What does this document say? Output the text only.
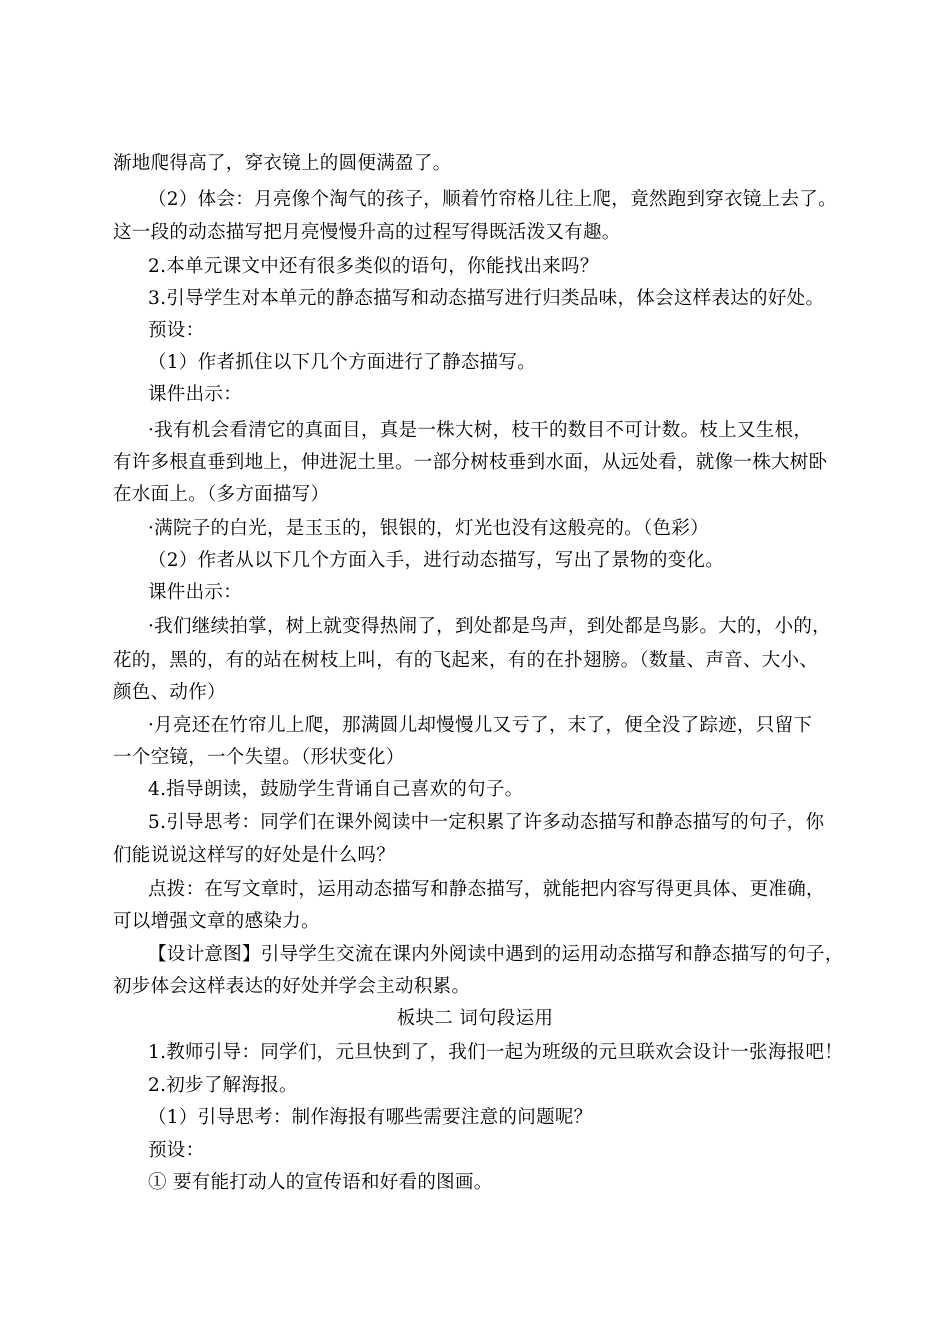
渐地爬得高了，穿衣镜上的圆便满盈了。
（2）体会：月亮像个淘气的孩子，顺着竹帘格儿往上爬，竟然跑到穿衣镜上去了。
这一段的动态描写把月亮慢慢升高的过程写得既活泼又有趣。
2.本单元课文中还有很多类似的语句，你能找出来吗？
3.引导学生对本单元的静态描写和动态描写进行归类品味，体会这样表达的好处。
预设：
（1）作者抓住以下几个方面进行了静态描写。
课件出示：
·我有机会看清它的真面目，真是一株大树，枝干的数目不可计数。枝上又生根，
有许多根直垂到地上，伸进泥土里。一部分树枝垂到水面，从远处看，就像一株大树卧
在水面上。（多方面描写）
·满院子的白光，是玉玉的，银银的，灯光也没有这般亮的。（色彩）
（2）作者从以下几个方面入手，进行动态描写，写出了景物的变化。
课件出示：
·我们继续拍掌，树上就变得热闹了，到处都是鸟声，到处都是鸟影。大的，小的，
花的，黑的，有的站在树枝上叫，有的飞起来，有的在扑翅膀。（数量、声音、大小、
颜色、动作）
·月亮还在竹帘儿上爬，那满圆儿却慢慢儿又亏了，末了，便全没了踪迹，只留下
一个空镜，一个失望。（形状变化）
4.指导朗读，鼓励学生背诵自己喜欢的句子。
5.引导思考：同学们在课外阅读中一定积累了许多动态描写和静态描写的句子，你
们能说说这样写的好处是什么吗？
点拨：在写文章时，运用动态描写和静态描写，就能把内容写得更具体、更准确，
可以增强文章的感染力。
【设计意图】引导学生交流在课内外阅读中遇到的运用动态描写和静态描写的句子，
初步体会这样表达的好处并学会主动积累。
板块二 词句段运用
1.教师引导：同学们，元旦快到了，我们一起为班级的元旦联欢会设计一张海报吧！
2.初步了解海报。
（1）引导思考：制作海报有哪些需要注意的问题呢？
预设：
① 要有能打动人的宣传语和好看的图画。
